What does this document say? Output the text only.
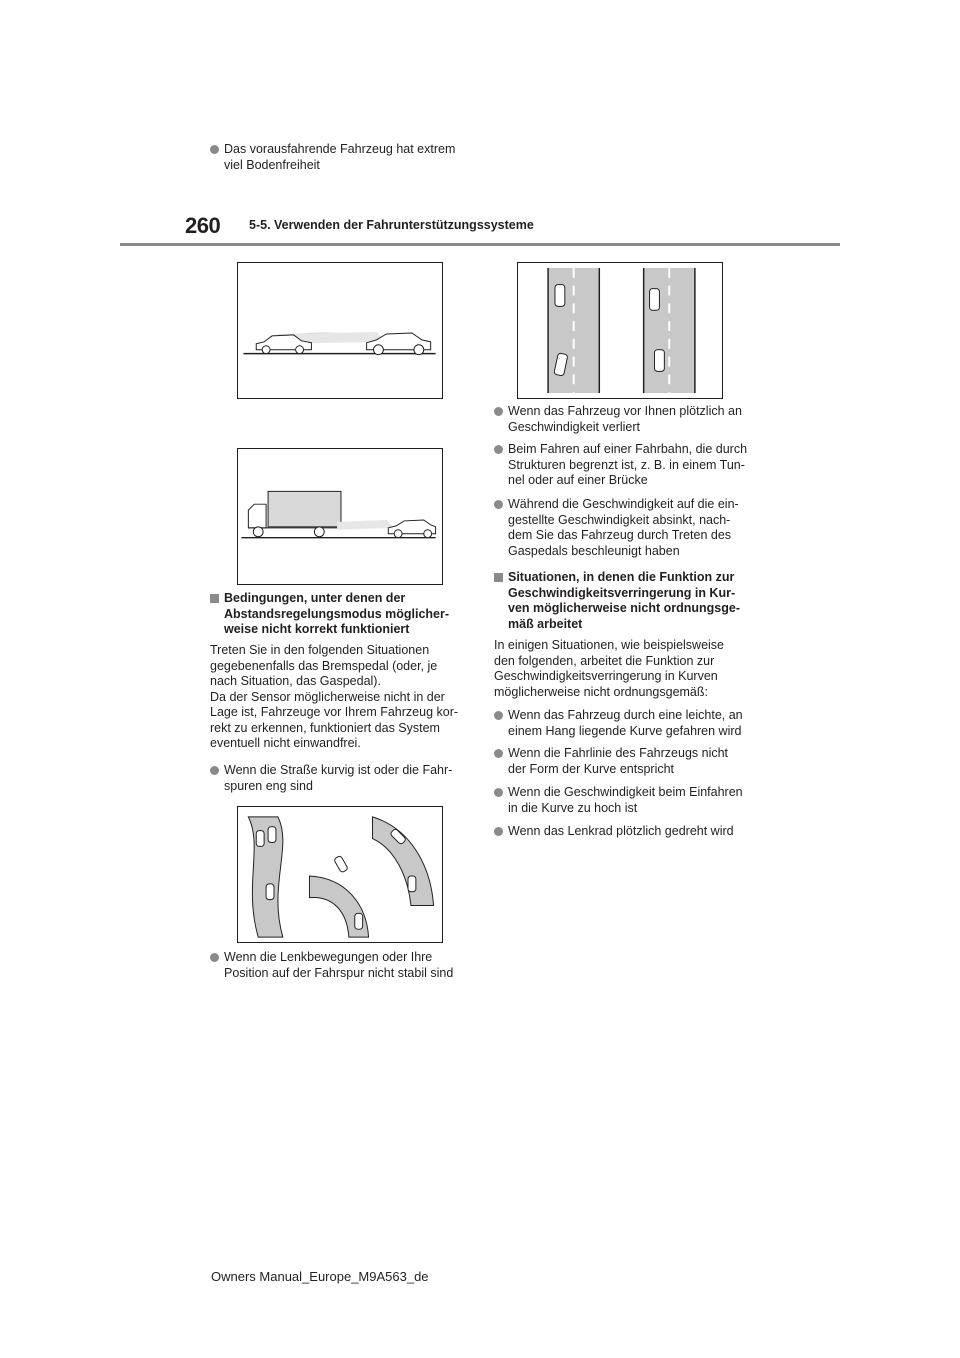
260 5-5. Verwenden der Fahrunterstützungssysteme
Das vorausfahrende Fahrzeug hat extrem
viel Bodenfreiheit
Bedingungen, unter denen der
Abstandsregelungsmodus möglicher-
weise nicht korrekt funktioniert
Treten Sie in den folgenden Situationen
gegebenenfalls das Bremspedal (oder, je
nach Situation, das Gaspedal).
Da der Sensor möglicherweise nicht in der
Lage ist, Fahrzeuge vor Ihrem Fahrzeug kor-
rekt zu erkennen, funktioniert das System
eventuell nicht einwandfrei.
Wenn die Straße kurvig ist oder die Fahr-
spuren eng sind
Wenn die Lenkbewegungen oder Ihre
Position auf der Fahrspur nicht stabil sind
Wenn das Fahrzeug vor Ihnen plötzlich an
Geschwindigkeit verliert
Beim Fahren auf einer Fahrbahn, die durch
Strukturen begrenzt ist, z. B. in einem Tun-
nel oder auf einer Brücke
Während die Geschwindigkeit auf die ein-
gestellte Geschwindigkeit absinkt, nach-
dem Sie das Fahrzeug durch Treten des
Gaspedals beschleunigt haben
Situationen, in denen die Funktion zur
Geschwindigkeitsverringerung in Kur-
ven möglicherweise nicht ordnungsge-
mäß arbeitet
In einigen Situationen, wie beispielsweise
den folgenden, arbeitet die Funktion zur
Geschwindigkeitsverringerung in Kurven
möglicherweise nicht ordnungsgemäß:
Wenn das Fahrzeug durch eine leichte, an
einem Hang liegende Kurve gefahren wird
Wenn die Fahrlinie des Fahrzeugs nicht
der Form der Kurve entspricht
Wenn die Geschwindigkeit beim Einfahren
in die Kurve zu hoch ist
Wenn das Lenkrad plötzlich gedreht wird
Owners Manual_Europe_M9A563_de
